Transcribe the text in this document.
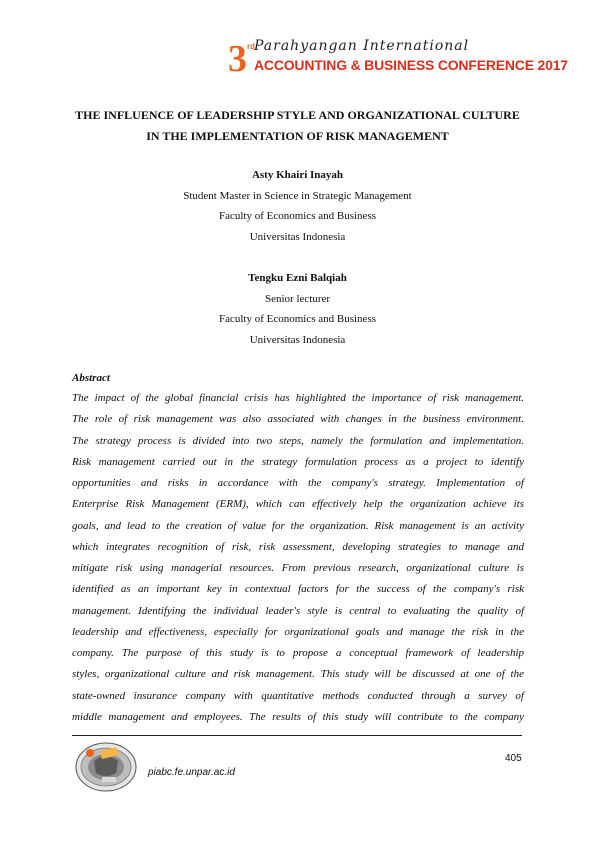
3 rd Parahyangan International
ACCOUNTING & BUSINESS CONFERENCE 2017
THE INFLUENCE OF LEADERSHIP STYLE AND ORGANIZATIONAL CULTURE
IN THE IMPLEMENTATION OF RISK MANAGEMENT
Asty Khairi Inayah
Student Master in Science in Strategic Management
Faculty of Economics and Business
Universitas Indonesia
Tengku Ezni Balqiah
Senior lecturer
Faculty of Economics and Business
Universitas Indonesia
Abstract
The impact of the global financial crisis has highlighted the importance of risk management.
The role of risk management was also associated with changes in the business environment.
The strategy process is divided into two steps, namely the formulation and implementation.
Risk management carried out in the strategy formulation process as a project to identify
opportunities and risks in accordance with the company's strategy. Implementation of
Enterprise Risk Management (ERM), which can effectively help the organization achieve its
goals, and lead to the creation of value for the organization. Risk management is an activity
which integrates recognition of risk, risk assessment, developing strategies to manage and
mitigate risk using managerial resources. From previous research, organizational culture is
identified as an important key in contextual factors for the success of the company's risk
management. Identifying the individual leader's style is central to evaluating the quality of
leadership and effectiveness, especially for organizational goals and manage the risk in the
company. The purpose of this study is to propose a conceptual framework of leadership
styles, organizational culture and risk management. This study will be discussed at one of the
state-owned insurance company with quantitative methods conducted through a survey of
middle management and employees. The results of this study will contribute to the company
405
piabc.fe.unpar.ac.id
